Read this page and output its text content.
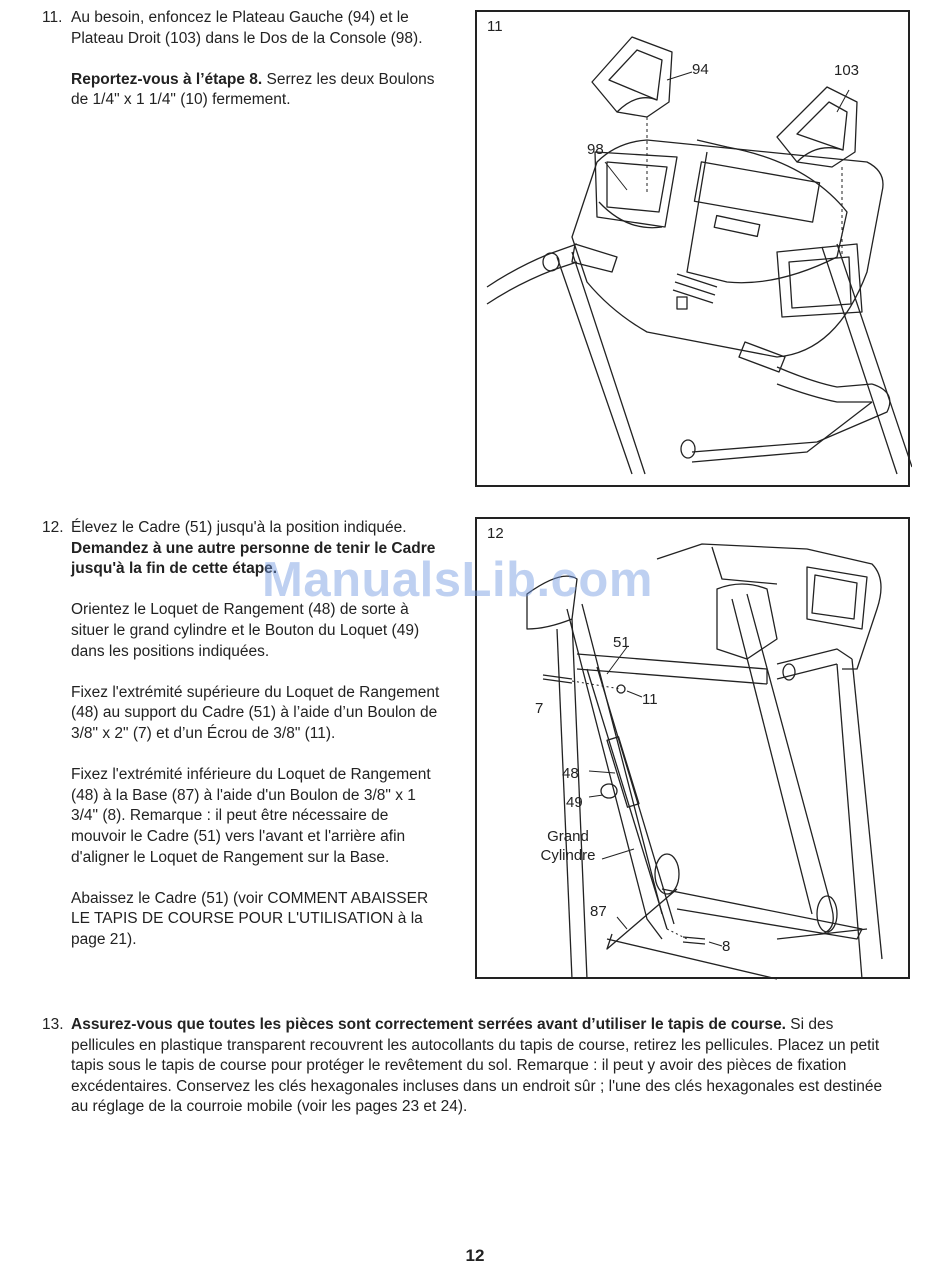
11. Au besoin, enfoncez le Plateau Gauche (94) et le Plateau Droit (103) dans le Dos de la Console (98).

Reportez-vous à l’étape 8. Serrez les deux Boulons de 1/4" x 1 1/4" (10) fermement.

11
94	103
98
12. Élevez le Cadre (51) jusqu'à la position indiquée. Demandez à une autre personne de tenir le Cadre jusqu'à la fin de cette étape.

Orientez le Loquet de Rangement (48) de sorte à situer le grand cylindre et le Bouton du Loquet (49) dans les positions indiquées.

Fixez l'extrémité supérieure du Loquet de Rangement (48) au support du Cadre (51) à l’aide d’un Boulon de 3/8" x 2" (7) et d’un Écrou de 3/8" (11).

Fixez l'extrémité inférieure du Loquet de Rangement (48) à la Base (87) à l'aide d'un Boulon de 3/8" x 1 3/4" (8). Remarque : il peut être nécessaire de mouvoir le Cadre (51) vers l'avant et l'arrière afin d'aligner le Loquet de Rangement sur la Base.

Abaissez le Cadre (51) (voir COMMENT ABAISSER LE TAPIS DE COURSE POUR L'UTILISATION à la page 21).

12
51
7
11
48
49
Grand Cylindre
87
8
ManualsLib.com
13. Assurez-vous que toutes les pièces sont correctement serrées avant d’utiliser le tapis de course. Si des pellicules en plastique transparent recouvrent les autocollants du tapis de course, retirez les pellicules. Placez un petit tapis sous le tapis de course pour protéger le revêtement du sol. Remarque : il peut y avoir des pièces de fixation excédentaires. Conservez les clés hexagonales incluses dans un endroit sûr ; l'une des clés hexagonales est destinée au réglage de la courroie mobile (voir les pages 23 et 24).

12
